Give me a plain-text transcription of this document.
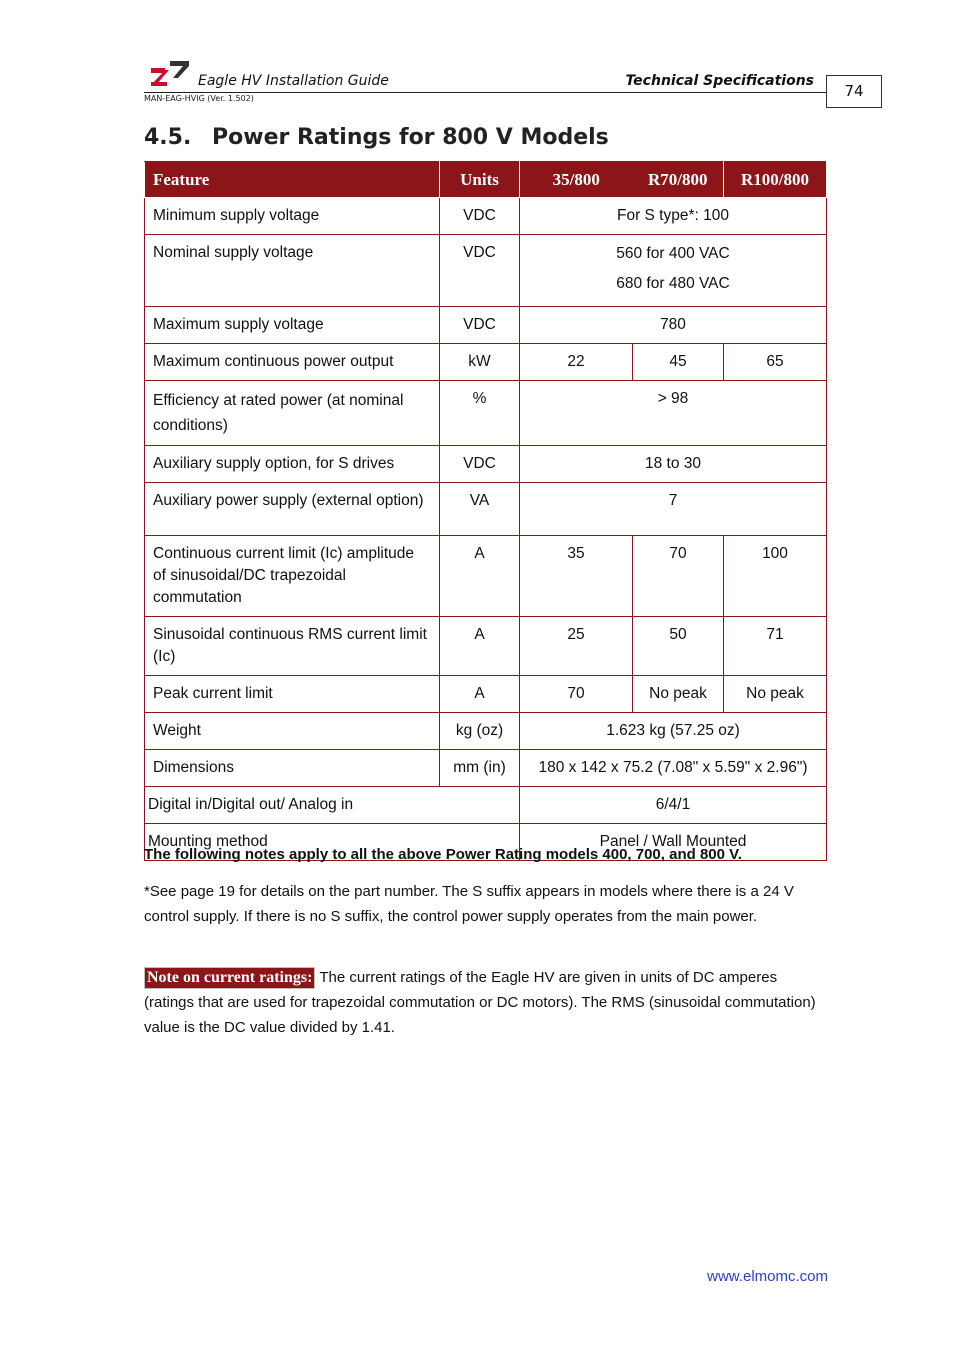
Eagle HV Installation Guide	Technical Specifications
MAN-EAG-HVIG (Ver. 1.502)	74
4.5. Power Ratings for 800 V Models
Feature	Units	35/800	R70/800	R100/800
Minimum supply voltage	VDC	For S type*: 100		
Nominal supply voltage	VDC	560 for 400 VAC
680 for 480 VAC		

Maximum supply voltage	VDC	780		
Maximum continuous power output	kW	22	45	65
Efficiency at rated power (at nominal conditions)	%	> 98		
Auxiliary supply option, for S drives	VDC	18 to 30		
Auxiliary power supply (external option)	VA	7		
Continuous current limit (Ic) amplitude of sinusoidal/DC trapezoidal commutation	A	35	70	100
Sinusoidal continuous RMS current limit (Ic)	A	25	50	71
Peak current limit	A	70	No peak	No peak
Weight	kg (oz)	1.623 kg (57.25 oz)		
Dimensions	mm (in)	180 x 142 x 75.2 (7.08" x 5.59" x 2.96")		
Digital in/Digital out/ Analog in		6/4/1		
Mounting method		Panel / Wall Mounted		
The following notes apply to all the above Power Rating models 400, 700, and 800 V.
*See page 19 for details on the part number. The S suffix appears in models where there is a 24 V control supply. If there is no S suffix, the control power supply operates from the main power.
Note on current ratings: The current ratings of the Eagle HV are given in units of DC amperes (ratings that are used for trapezoidal commutation or DC motors). The RMS (sinusoidal commutation) value is the DC value divided by 1.41.
www.elmomc.com
